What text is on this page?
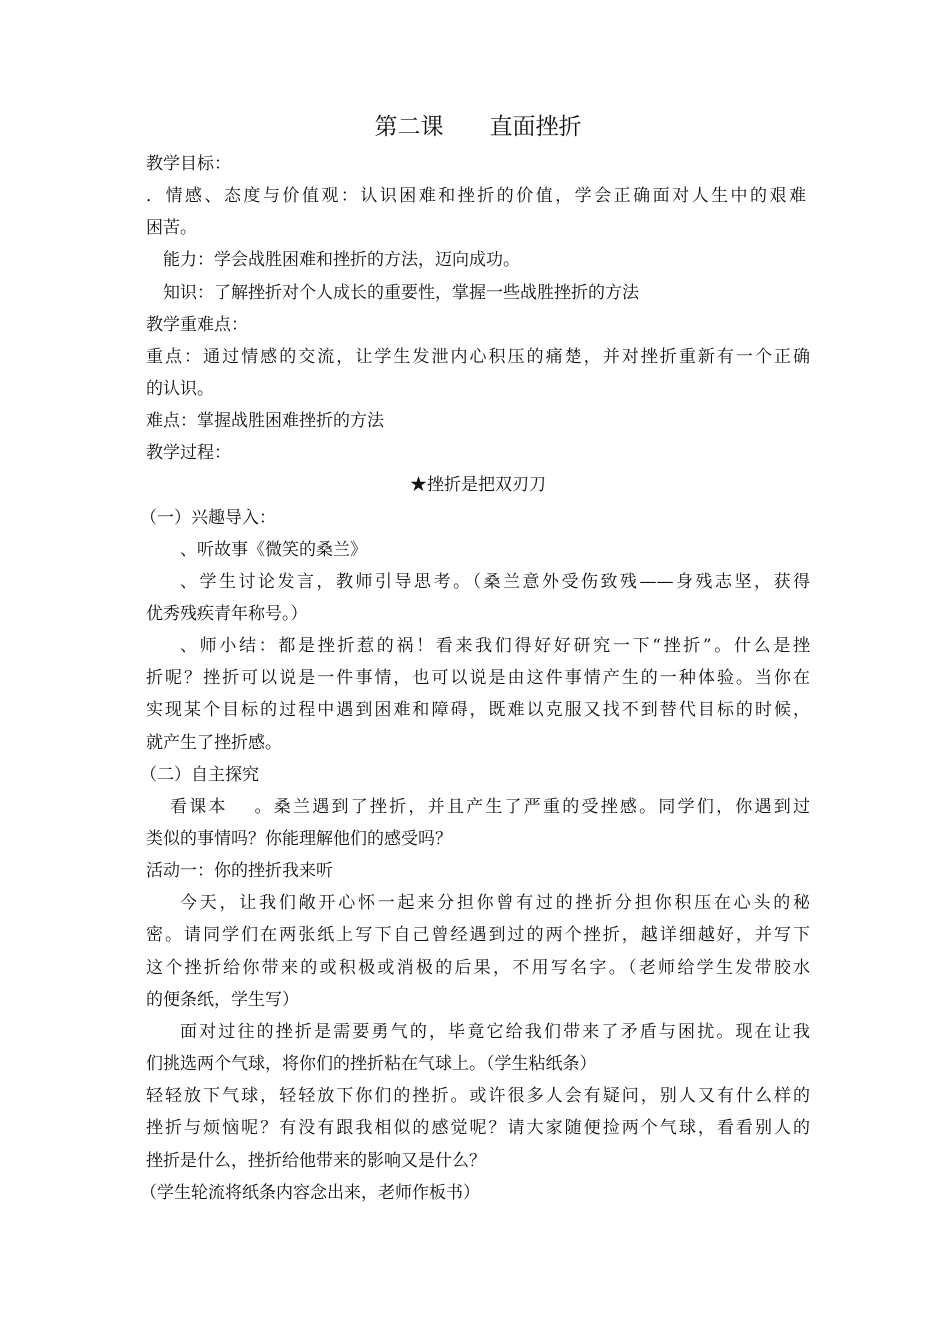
第二课　　直面挫折
教学目标：
．情感、态度与价值观：认识困难和挫折的价值，学会正确面对人生中的艰难
困苦。
能力：学会战胜困难和挫折的方法，迈向成功。
知识：了解挫折对个人成长的重要性，掌握一些战胜挫折的方法
教学重难点：
重点：通过情感的交流，让学生发泄内心积压的痛楚，并对挫折重新有一个正确
的认识。
难点：掌握战胜困难挫折的方法
教学过程：
★挫折是把双刃刀
（一）兴趣导入：
、听故事《微笑的桑兰》
、学生讨论发言，教师引导思考。（桑兰意外受伤致残——身残志坚，获得
优秀残疾青年称号。）
、师小结：都是挫折惹的祸！看来我们得好好研究一下“挫折”。什么是挫
折呢？挫折可以说是一件事情，也可以说是由这件事情产生的一种体验。当你在
实现某个目标的过程中遇到困难和障碍，既难以克服又找不到替代目标的时候，
就产生了挫折感。
（二）自主探究
看课本　 。桑兰遇到了挫折，并且产生了严重的受挫感。同学们，你遇到过
类似的事情吗？你能理解他们的感受吗？
活动一：你的挫折我来听
今天，让我们敞开心怀一起来分担你曾有过的挫折分担你积压在心头的秘
密。请同学们在两张纸上写下自己曾经遇到过的两个挫折，越详细越好，并写下
这个挫折给你带来的或积极或消极的后果，不用写名字。（老师给学生发带胶水
的便条纸，学生写）
面对过往的挫折是需要勇气的，毕竟它给我们带来了矛盾与困扰。现在让我
们挑选两个气球，将你们的挫折粘在气球上。（学生粘纸条）
轻轻放下气球，轻轻放下你们的挫折。或许很多人会有疑问，别人又有什么样的
挫折与烦恼呢？有没有跟我相似的感觉呢？请大家随便捡两个气球，看看别人的
挫折是什么，挫折给他带来的影响又是什么？
（学生轮流将纸条内容念出来，老师作板书）
